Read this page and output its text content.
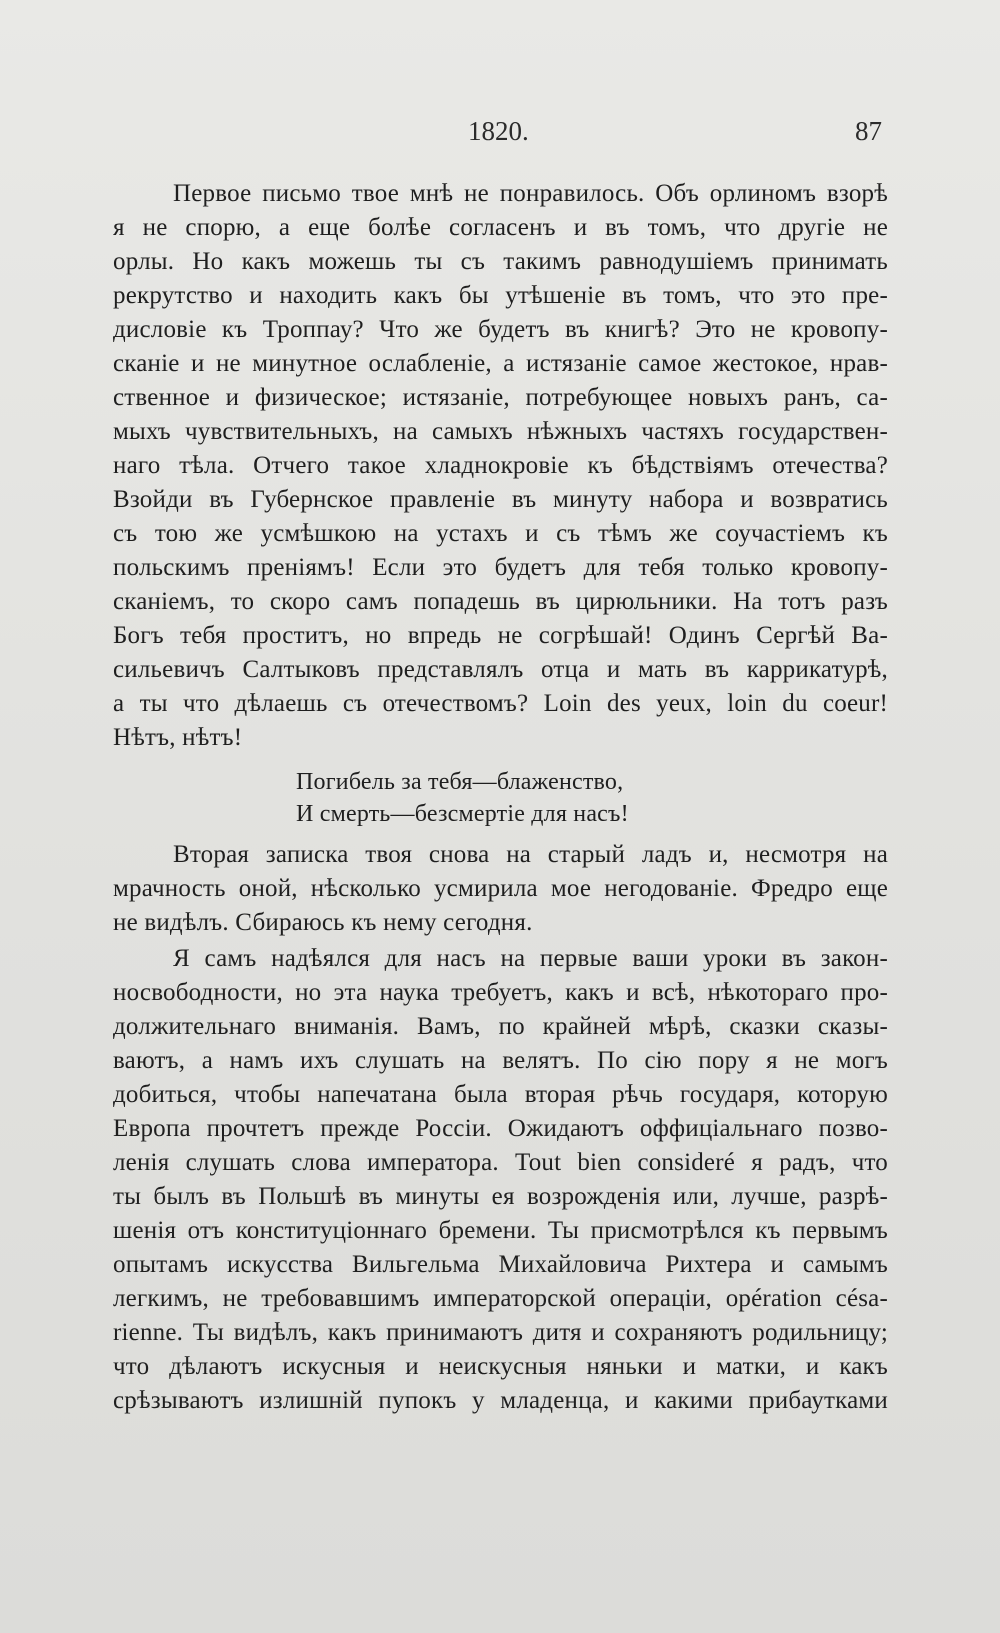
1820.	87
Первое письмо твое мнѣ не понравилось. Объ орлиномъ взорѣ
я не спорю, а еще болѣе согласенъ и въ томъ, что другіе не
орлы. Но какъ можешь ты съ такимъ равнодушіемъ принимать
рекрутство и находить какъ бы утѣшеніе въ томъ, что это пре-
дисловіе къ Троппау? Что же будетъ въ книгѣ? Это не кровопу-
сканіе и не минутное ослабленіе, а истязаніе самое жестокое, нрав-
ственное и физическое; истязаніе, потребующее новыхъ ранъ, са-
мыхъ чувствительныхъ, на самыхъ нѣжныхъ частяхъ государствен-
наго тѣла. Отчего такое хладнокровіе къ бѣдствіямъ отечества?
Взойди въ Губернское правленіе въ минуту набора и возвратись
съ тою же усмѣшкою на устахъ и съ тѣмъ же соучастіемъ къ
польскимъ преніямъ! Если это будетъ для тебя только кровопу-
сканіемъ, то скоро самъ попадешь въ цирюльники. На тотъ разъ
Богъ тебя проститъ, но впредь не согрѣшай! Одинъ Сергѣй Ва-
сильевичъ Салтыковъ представлялъ отца и мать въ каррикатурѣ,
а ты что дѣлаешь съ отечествомъ? Loin des yeux, loin du coeur!
Нѣтъ, нѣтъ!
Погибель за тебя—блаженство,
И смерть—безсмертіе для насъ!
Вторая записка твоя снова на старый ладъ и, несмотря на
мрачность оной, нѣсколько усмирила мое негодованіе. Фредро еще
не видѣлъ. Сбираюсь къ нему сегодня.
Я самъ надѣялся для насъ на первые ваши уроки въ закон-
носвободности, но эта наука требуетъ, какъ и всѣ, нѣкотораго про-
должительнаго вниманія. Вамъ, по крайней мѣрѣ, сказки сказы-
ваютъ, а намъ ихъ слушать на велятъ. По сію пору я не могъ
добиться, чтобы напечатана была вторая рѣчь государя, которую
Европа прочтетъ прежде Россіи. Ожидаютъ оффиціальнаго позво-
ленія слушать слова императора. Tout bien consideré я радъ, что
ты былъ въ Польшѣ въ минуты ея возрожденія или, лучше, разрѣ-
шенія отъ конституціоннаго бремени. Ты присмотрѣлся къ первымъ
опытамъ искусства Вильгельма Михайловича Рихтера и самымъ
легкимъ, не требовавшимъ императорской операціи, opération césa-
rienne. Ты видѣлъ, какъ принимаютъ дитя и сохраняютъ родильницу;
что дѣлаютъ искусныя и неискусныя няньки и матки, и какъ
срѣзываютъ излишній пупокъ у младенца, и какими прибаутками
